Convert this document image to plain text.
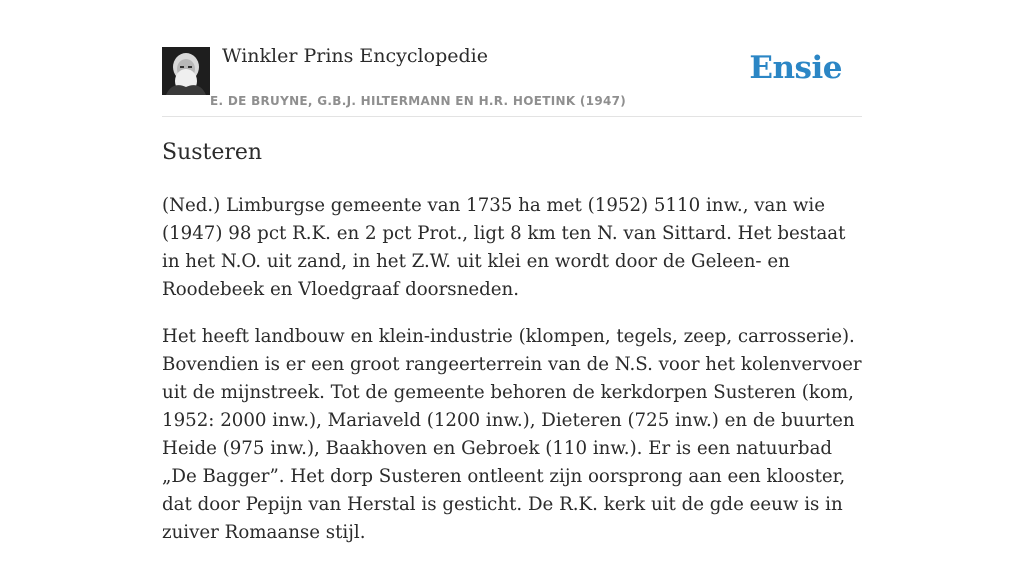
Winkler Prins Encyclopedie
E. DE BRUYNE, G.B.J. HILTERMANN EN H.R. HOETINK (1947)
Ensie
Susteren

(Ned.) Limburgse gemeente van 1735 ha met (1952) 5110 inw., van wie (1947) 98 pct R.K. en 2 pct Prot., ligt 8 km ten N. van Sittard. Het bestaat in het N.O. uit zand, in het Z.W. uit klei en wordt door de Geleen- en Roodebeek en Vloedgraaf doorsneden.

Het heeft landbouw en klein-industrie (klompen, tegels, zeep, carrosserie). Bovendien is er een groot rangeerterrein van de N.S. voor het kolenvervoer uit de mijnstreek. Tot de gemeente behoren de kerkdorpen Susteren (kom, 1952: 2000 inw.), Mariaveld (1200 inw.), Dieteren (725 inw.) en de buurten Heide (975 inw.), Baakhoven en Gebroek (110 inw.). Er is een natuurbad „De Bagger”. Het dorp Susteren ontleent zijn oorsprong aan een klooster, dat door Pepijn van Herstal is gesticht. De R.K. kerk uit de gde eeuw is in zuiver Romaanse stijl.
